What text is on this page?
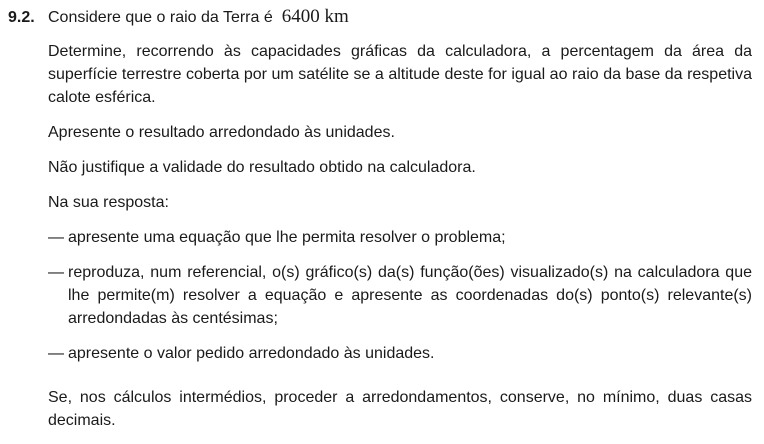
9.2. Considere que o raio da Terra é 6400 km

Determine, recorrendo às capacidades gráficas da calculadora, a percentagem da área da superfície terrestre coberta por um satélite se a altitude deste for igual ao raio da base da respetiva calote esférica.

Apresente o resultado arredondado às unidades.

Não justifique a validade do resultado obtido na calculadora.

Na sua resposta:

— apresente uma equação que lhe permita resolver o problema;
— reproduza, num referencial, o(s) gráfico(s) da(s) função(ões) visualizado(s) na calculadora que lhe permite(m) resolver a equação e apresente as coordenadas do(s) ponto(s) relevante(s) arredondadas às centésimas;
— apresente o valor pedido arredondado às unidades.

Se, nos cálculos intermédios, proceder a arredondamentos, conserve, no mínimo, duas casas decimais.
